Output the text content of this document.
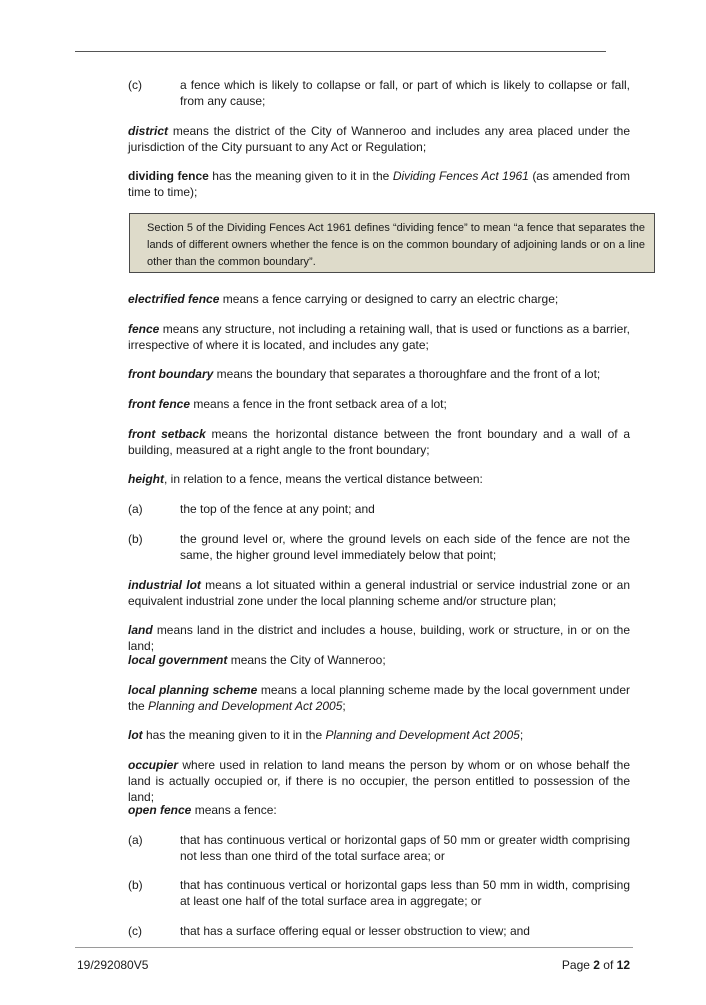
(c)	a fence which is likely to collapse or fall, or part of which is likely to collapse or fall, from any cause;

district means the district of the City of Wanneroo and includes any area placed under the jurisdiction of the City pursuant to any Act or Regulation;

dividing fence has the meaning given to it in the Dividing Fences Act 1961 (as amended from time to time);

Section 5 of the Dividing Fences Act 1961 defines “dividing fence” to mean “a fence that separates the lands of different owners whether the fence is on the common boundary of adjoining lands or on a line other than the common boundary”.

electrified fence means a fence carrying or designed to carry an electric charge;

fence means any structure, not including a retaining wall, that is used or functions as a barrier, irrespective of where it is located, and includes any gate;

front boundary means the boundary that separates a thoroughfare and the front of a lot;

front fence means a fence in the front setback area of a lot;

front setback means the horizontal distance between the front boundary and a wall of a building, measured at a right angle to the front boundary;

height, in relation to a fence, means the vertical distance between:

(a)	the top of the fence at any point; and
(b)	the ground level or, where the ground levels on each side of the fence are not the same, the higher ground level immediately below that point;

industrial lot means a lot situated within a general industrial or service industrial zone or an equivalent industrial zone under the local planning scheme and/or structure plan;

land means land in the district and includes a house, building, work or structure, in or on the land;

local government means the City of Wanneroo;

local planning scheme means a local planning scheme made by the local government under the Planning and Development Act 2005;

lot has the meaning given to it in the Planning and Development Act 2005;

occupier where used in relation to land means the person by whom or on whose behalf the land is actually occupied or, if there is no occupier, the person entitled to possession of the land;

open fence means a fence:

(a)	that has continuous vertical or horizontal gaps of 50 mm or greater width comprising not less than one third of the total surface area; or
(b)	that has continuous vertical or horizontal gaps less than 50 mm in width, comprising at least one half of the total surface area in aggregate; or
(c)	that has a surface offering equal or lesser obstruction to view; and
19/292080V5	Page 2 of 12
